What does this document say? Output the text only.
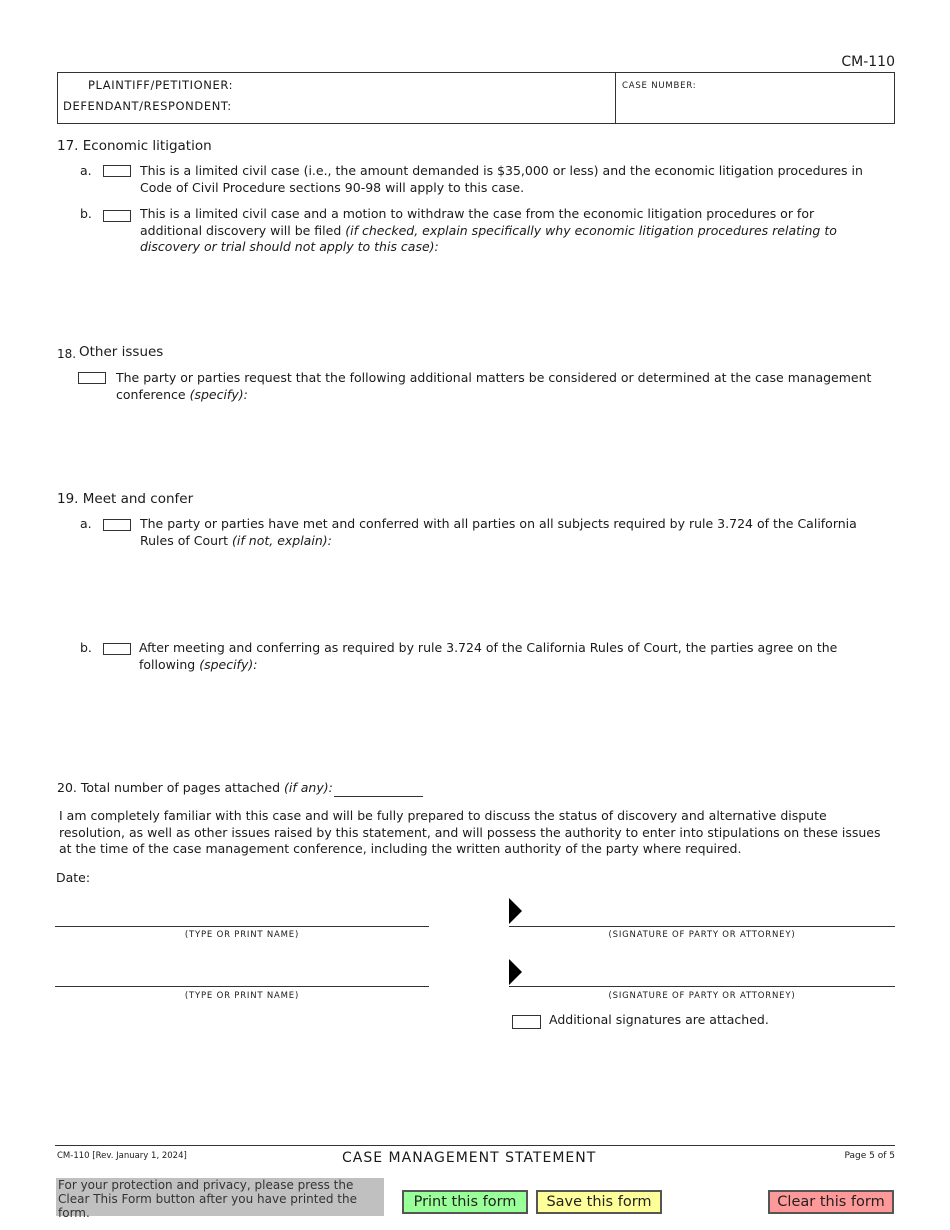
CM-110
PLAINTIFF/PETITIONER:
DEFENDANT/RESPONDENT:
CASE NUMBER:
17. Economic litigation
a.	This is a limited civil case (i.e., the amount demanded is $35,000 or less) and the economic litigation procedures in Code of Civil Procedure sections 90-98 will apply to this case.
b.	This is a limited civil case and a motion to withdraw the case from the economic litigation procedures or for additional discovery will be filed (if checked, explain specifically why economic litigation procedures relating to discovery or trial should not apply to this case):
18. Other issues
The party or parties request that the following additional matters be considered or determined at the case management conference (specify):
19. Meet and confer
a.	The party or parties have met and conferred with all parties on all subjects required by rule 3.724 of the California Rules of Court (if not, explain):
b.	After meeting and conferring as required by rule 3.724 of the California Rules of Court, the parties agree on the following (specify):
20. Total number of pages attached (if any):
I am completely familiar with this case and will be fully prepared to discuss the status of discovery and alternative dispute resolution, as well as other issues raised by this statement, and will possess the authority to enter into stipulations on these issues at the time of the case management conference, including the written authority of the party where required.
Date:
(TYPE OR PRINT NAME)	(SIGNATURE OF PARTY OR ATTORNEY)
(TYPE OR PRINT NAME)	(SIGNATURE OF PARTY OR ATTORNEY)
Additional signatures are attached.
CM-110 [Rev. January 1, 2024]	CASE MANAGEMENT STATEMENT	Page 5 of 5
For your protection and privacy, please press the Clear This Form button after you have printed the form.
Print this form	Save this form	Clear this form
